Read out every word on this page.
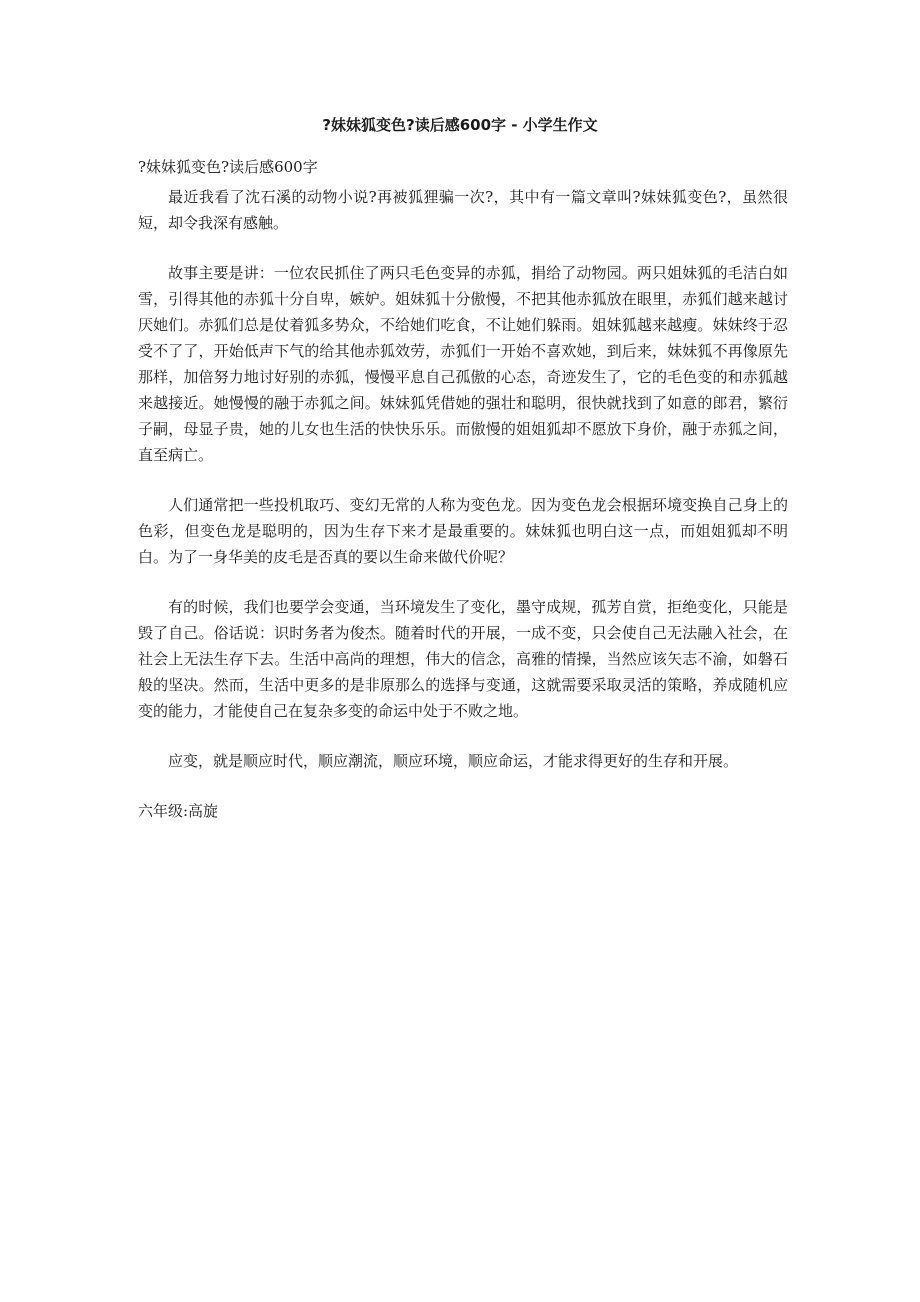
?妹妹狐变色?读后感600字 - 小学生作文

?妹妹狐变色?读后感600字

最近我看了沈石溪的动物小说?再被狐狸骗一次?，其中有一篇文章叫?妹妹狐变色?，虽然很短，却令我深有感触。

故事主要是讲：一位农民抓住了两只毛色变异的赤狐，捐给了动物园。两只姐妹狐的毛洁白如雪，引得其他的赤狐十分自卑，嫉妒。姐妹狐十分傲慢，不把其他赤狐放在眼里，赤狐们越来越讨厌她们。赤狐们总是仗着狐多势众，不给她们吃食，不让她们躲雨。姐妹狐越来越瘦。妹妹终于忍受不了了，开始低声下气的给其他赤狐效劳，赤狐们一开始不喜欢她，到后来，妹妹狐不再像原先那样，加倍努力地讨好别的赤狐，慢慢平息自己孤傲的心态，奇迹发生了，它的毛色变的和赤狐越来越接近。她慢慢的融于赤狐之间。妹妹狐凭借她的强壮和聪明，很快就找到了如意的郎君，繁衍子嗣，母显子贵，她的儿女也生活的快快乐乐。而傲慢的姐姐狐却不愿放下身价，融于赤狐之间，直至病亡。

人们通常把一些投机取巧、变幻无常的人称为变色龙。因为变色龙会根据环境变换自己身上的色彩，但变色龙是聪明的，因为生存下来才是最重要的。妹妹狐也明白这一点，而姐姐狐却不明白。为了一身华美的皮毛是否真的要以生命来做代价呢？

有的时候，我们也要学会变通，当环境发生了变化，墨守成规，孤芳自赏，拒绝变化，只能是毁了自己。俗话说：识时务者为俊杰。随着时代的开展，一成不变，只会使自己无法融入社会，在社会上无法生存下去。生活中高尚的理想，伟大的信念，高雅的情操，当然应该矢志不渝，如磐石般的坚决。然而，生活中更多的是非原那么的选择与变通，这就需要采取灵活的策略，养成随机应变的能力，才能使自己在复杂多变的命运中处于不败之地。

应变，就是顺应时代，顺应潮流，顺应环境，顺应命运，才能求得更好的生存和开展。

六年级:高旋
